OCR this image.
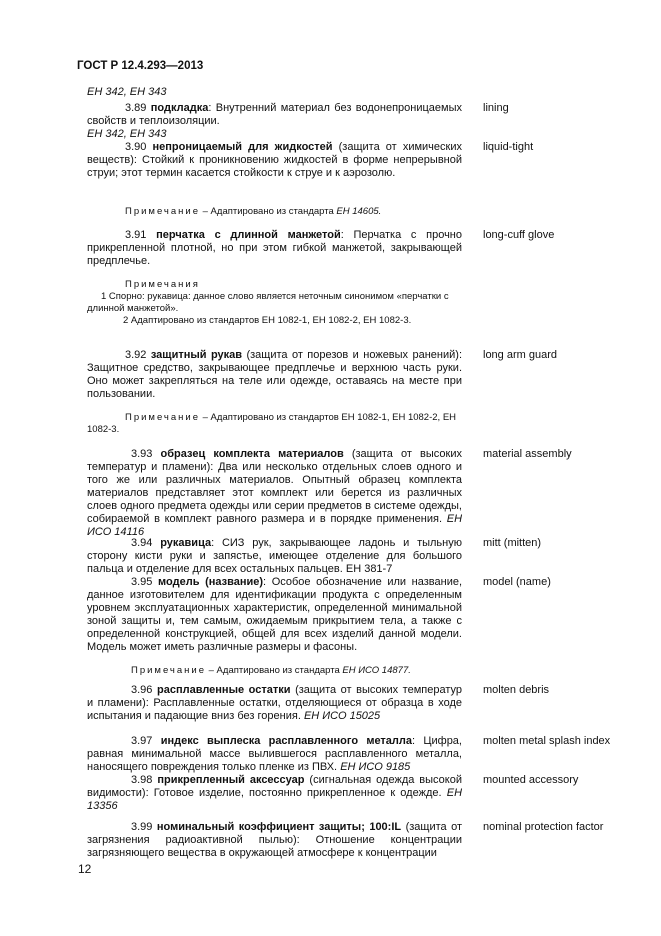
ГОСТ Р 12.4.293—2013
ЕН 342, ЕН 343
3.89 подкладка: Внутренний материал без водонепроницаемых свойств и теплоизоляции.
ЕН 342, ЕН 343
lining
3.90 непроницаемый для жидкостей (защита от химических веществ): Стойкий к проникновению жидкостей в форме непрерывной струи; этот термин касается стойкости к струе и к аэрозолю.
liquid-tight
Примечание – Адаптировано из стандарта ЕН 14605.
3.91 перчатка с длинной манжетой: Перчатка с прочно прикрепленной плотной, но при этом гибкой манжетой, закрывающей предплечье.
long-cuff glove
Примечания
1 Спорно: рукавица: данное слово является неточным синонимом «перчатки с длинной манжетой».
2 Адаптировано из стандартов ЕН 1082-1, ЕН 1082-2, ЕН 1082-3.
3.92 защитный рукав (защита от порезов и ножевых ранений): Защитное средство, закрывающее предплечье и верхнюю часть руки. Оно может закрепляться на теле или одежде, оставаясь на месте при пользовании.
long arm guard
Примечание – Адаптировано из стандартов ЕН 1082-1, ЕН 1082-2, ЕН 1082-3.
3.93 образец комплекта материалов (защита от высоких температур и пламени): Два или несколько отдельных слоев одного и того же или различных материалов. Опытный образец комплекта материалов представляет этот комплект или берется из различных слоев одного предмета одежды или серии предметов в системе одежды, собираемой в комплект равного размера и в порядке применения. ЕН ИСО 14116
material assembly
3.94 рукавица: СИЗ рук, закрывающее ладонь и тыльную сторону кисти руки и запястье, имеющее отделение для большого пальца и отделение для всех остальных пальцев. ЕН 381-7
mitt (mitten)
3.95 модель (название): Особое обозначение или название, данное изготовителем для идентификации продукта с определенным уровнем эксплуатационных характеристик, определенной минимальной зоной защиты и, тем самым, ожидаемым прикрытием тела, а также с определенной конструкцией, общей для всех изделий данной модели. Модель может иметь различные размеры и фасоны.
model (name)
Примечание – Адаптировано из стандарта ЕН ИСО 14877.
3.96 расплавленные остатки (защита от высоких температур и пламени): Расплавленные остатки, отделяющиеся от образца в ходе испытания и падающие вниз без горения. ЕН ИСО 15025
molten debris
3.97 индекс выплеска расплавленного металла: Цифра, равная минимальной массе вылившегося расплавленного металла, наносящего повреждения только пленке из ПВХ. ЕН ИСО 9185
molten metal splash index
3.98 прикрепленный аксессуар (сигнальная одежда высокой видимости): Готовое изделие, постоянно прикрепленное к одежде. ЕН 13356
mounted accessory
3.99 номинальный коэффициент защиты; 100:IL (защита от загрязнения радиоактивной пылью): Отношение концентрации загрязняющего вещества в окружающей атмосфере к концентрации
nominal protection factor
12
